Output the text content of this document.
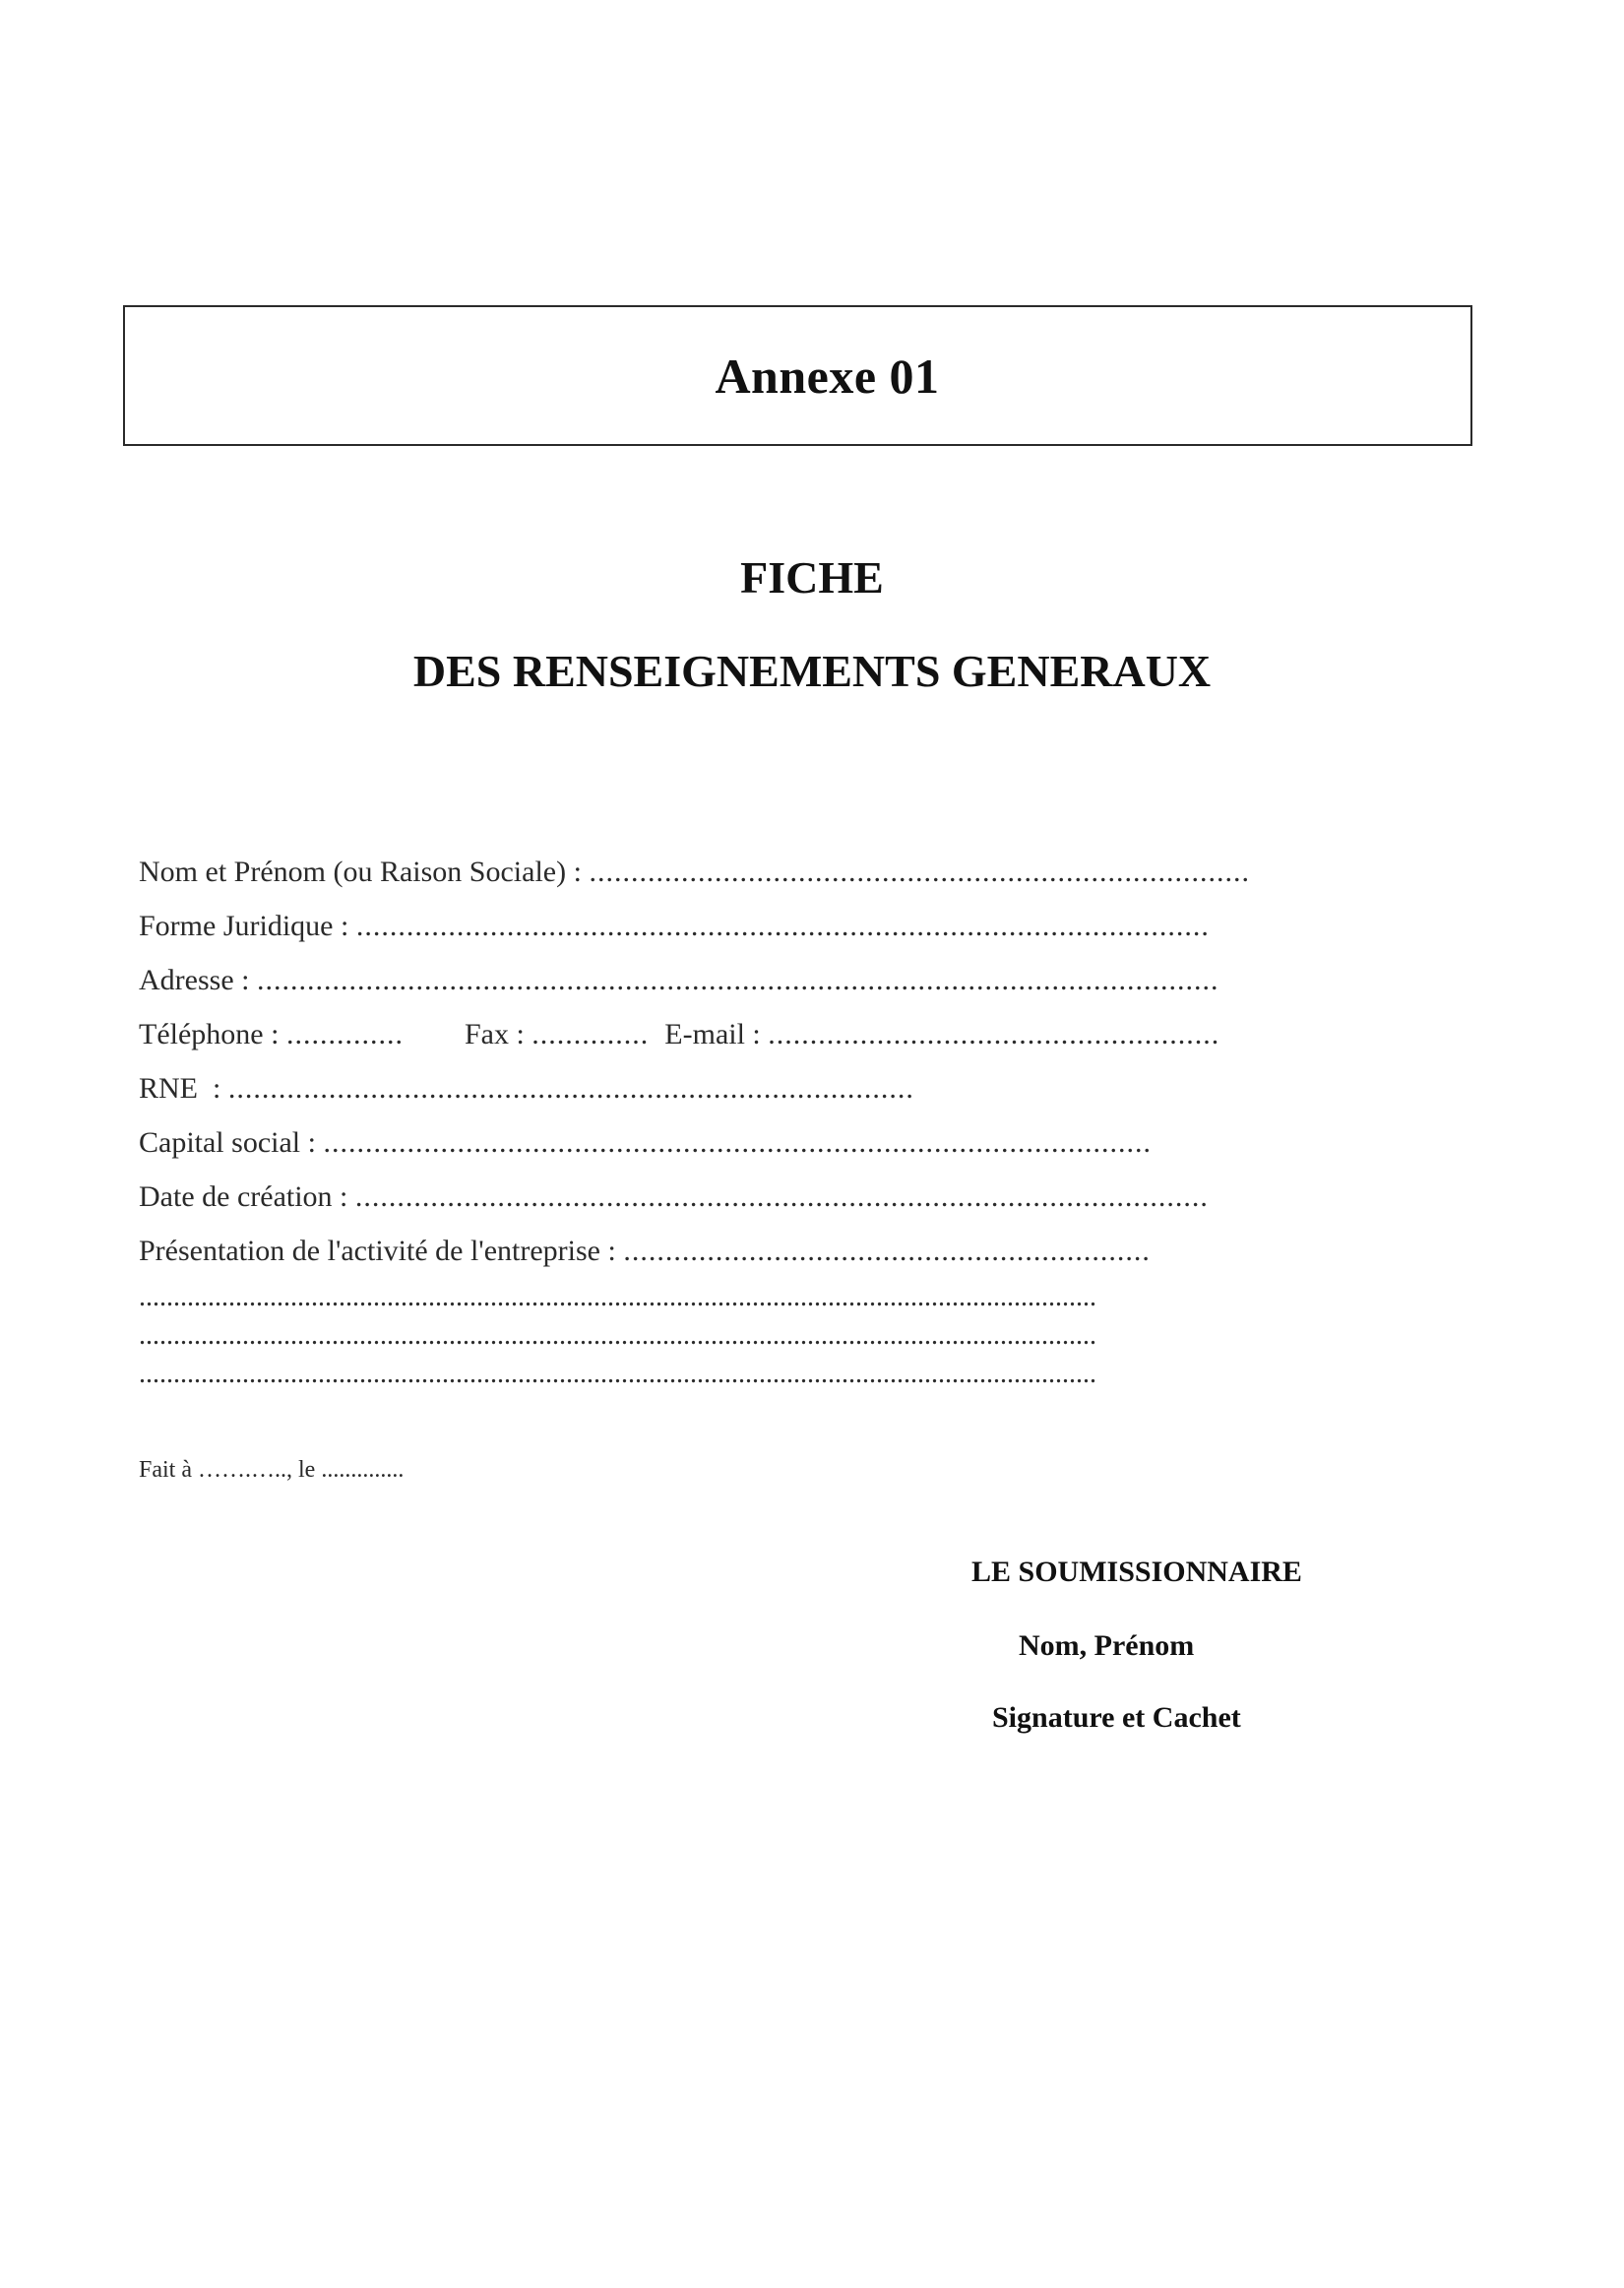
Annexe 01
FICHE
DES RENSEIGNEMENTS GENERAUX
Nom et Prénom (ou Raison Sociale) : ...............................................................................
Forme Juridique : ......................................................................................................
Adresse : ...................................................................................................................
Téléphone : .............. Fax : .............. E-mail : ......................................................
RNE  : ..................................................................................
Capital social : ...................................................................................................
Date de création : ......................................................................................................
Présentation de l'activité de l'entreprise : ...............................................................
...........................................................................................................................................
...........................................................................................................................................
...........................................................................................................................................
Fait à …….….., le ..............
LE SOUMISSIONNAIRE
Nom, Prénom
Signature et Cachet
